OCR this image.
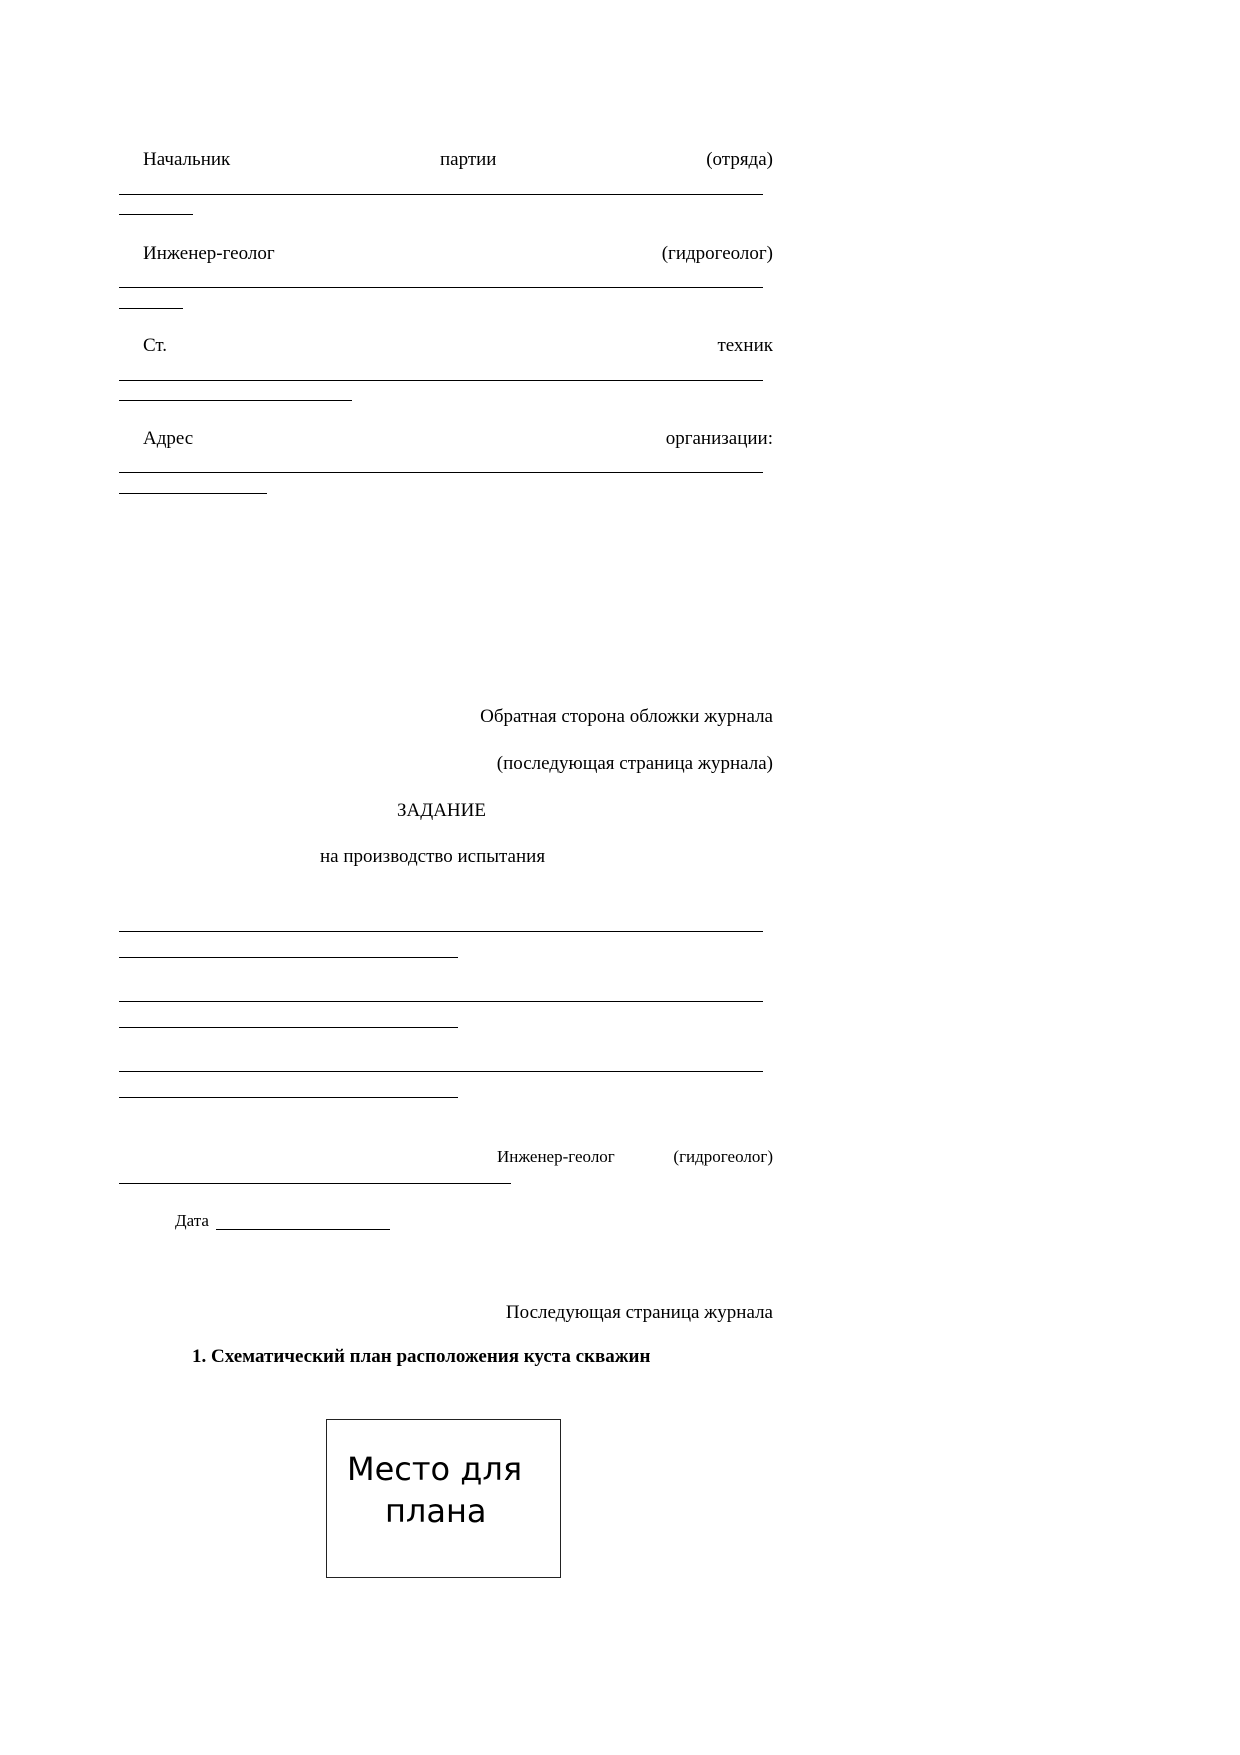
Начальник	партии	(отряда)
Инженер-геолог	(гидрогеолог)
Ст.	техник
Адрес	организации:
Обратная сторона обложки журнала
(последующая страница журнала)
ЗАДАНИЕ
на производство испытания
Инженер-геолог	(гидрогеолог)
Дата
Последующая страница журнала
1. Схематический план расположения куста скважин
Место для
плана
